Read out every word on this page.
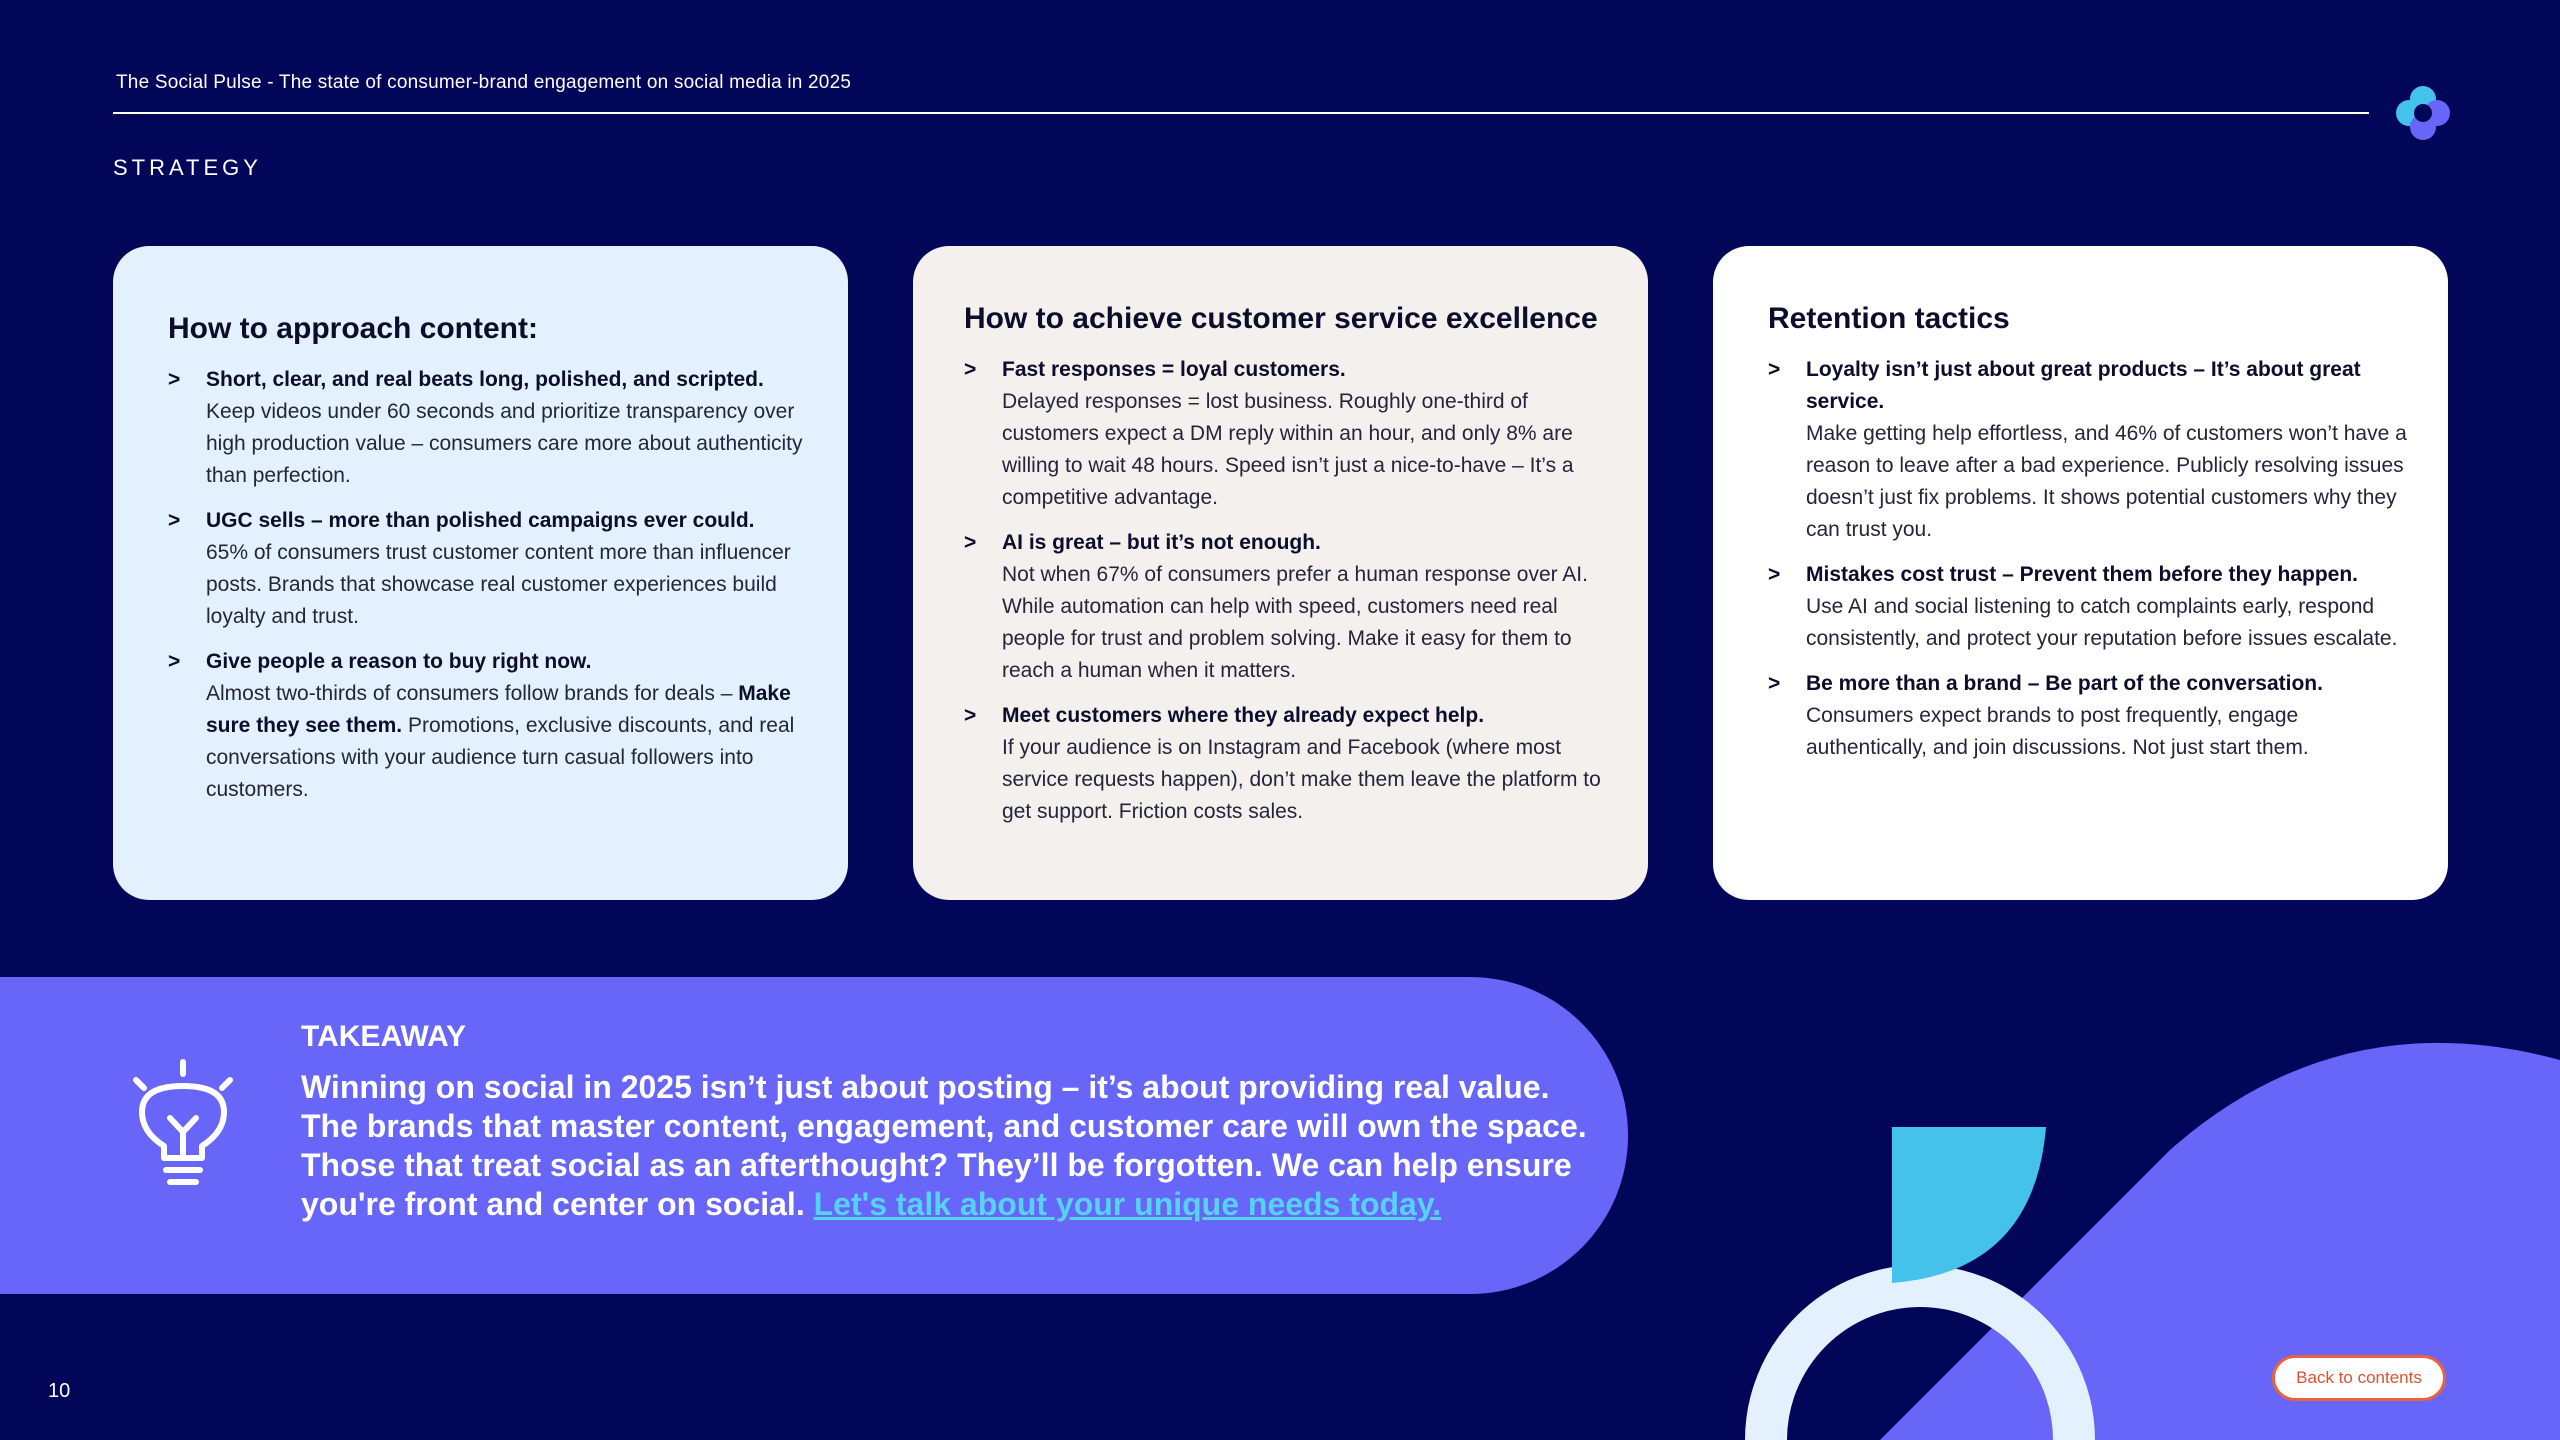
The Social Pulse - The state of consumer-brand engagement on social media in 2025
STRATEGY
How to approach content:
> Short, clear, and real beats long, polished, and scripted.
Keep videos under 60 seconds and prioritize transparency over high production value – consumers care more about authenticity than perfection.
> UGC sells – more than polished campaigns ever could.
65% of consumers trust customer content more than influencer posts. Brands that showcase real customer experiences build loyalty and trust.
> Give people a reason to buy right now.
Almost two-thirds of consumers follow brands for deals – Make sure they see them. Promotions, exclusive discounts, and real conversations with your audience turn casual followers into customers.
How to achieve customer service excellence
> Fast responses = loyal customers.
Delayed responses = lost business. Roughly one-third of customers expect a DM reply within an hour, and only 8% are willing to wait 48 hours. Speed isn’t just a nice-to-have – It’s a competitive advantage.
> AI is great – but it’s not enough.
Not when 67% of consumers prefer a human response over AI. While automation can help with speed, customers need real people for trust and problem solving. Make it easy for them to reach a human when it matters.
> Meet customers where they already expect help.
If your audience is on Instagram and Facebook (where most service requests happen), don’t make them leave the platform to get support. Friction costs sales.
Retention tactics
> Loyalty isn’t just about great products – It’s about great service.
Make getting help effortless, and 46% of customers won’t have a reason to leave after a bad experience. Publicly resolving issues doesn’t just fix problems. It shows potential customers why they can trust you.
> Mistakes cost trust – Prevent them before they happen.
Use AI and social listening to catch complaints early, respond consistently, and protect your reputation before issues escalate.
> Be more than a brand – Be part of the conversation.
Consumers expect brands to post frequently, engage authentically, and join discussions. Not just start them.
TAKEAWAY
Winning on social in 2025 isn’t just about posting – it’s about providing real value. The brands that master content, engagement, and customer care will own the space. Those that treat social as an afterthought? They’ll be forgotten. We can help ensure you're front and center on social. Let's talk about your unique needs today.
10
Back to contents
